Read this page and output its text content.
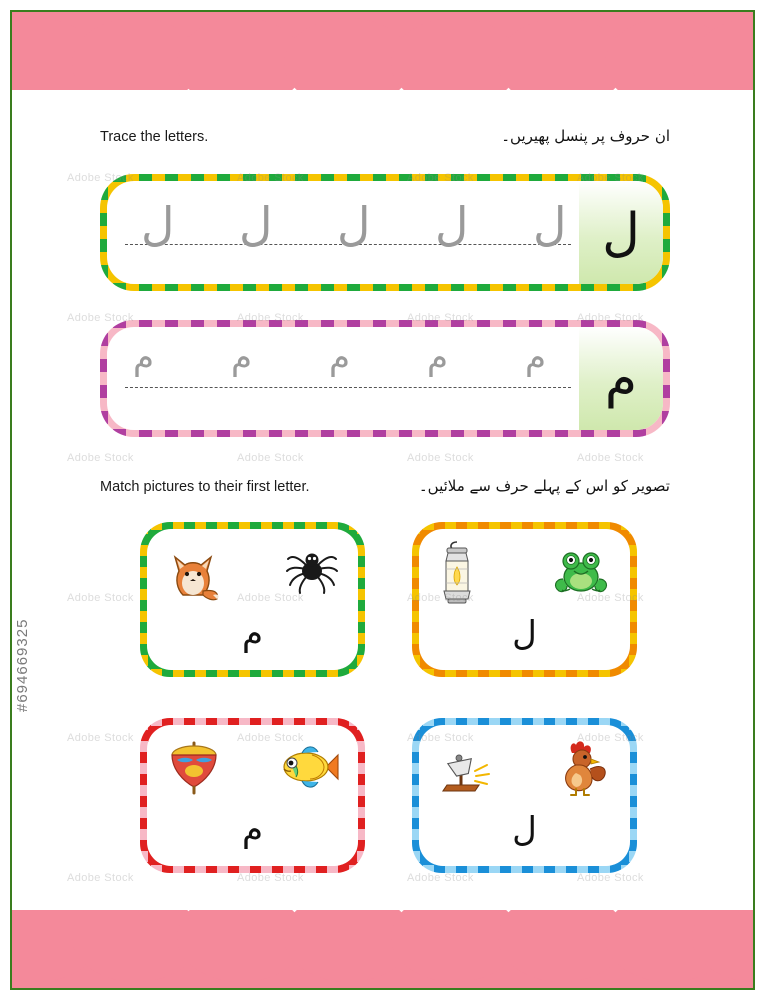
Trace the letters.	ان حروف پر پنسل پھیریں۔
ل ل ل ل ل ل
م م م م م م
Match pictures to their first letter.	تصویر کو اس کے پہلے حرف سے ملائیں۔
م	ل
م	ل
#694669325
Adobe Stock	Adobe Stock	Adobe Stock	Adobe Stock
Adobe Stock	Adobe Stock	Adobe Stock	Adobe Stock
Adobe Stock	Adobe Stock	Adobe Stock	Adobe Stock
Adobe Stock	Adobe Stock	Adobe Stock	Adobe Stock
Adobe Stock	Adobe Stock	Adobe Stock	Adobe Stock
Adobe Stock	Adobe Stock	Adobe Stock	Adobe Stock
